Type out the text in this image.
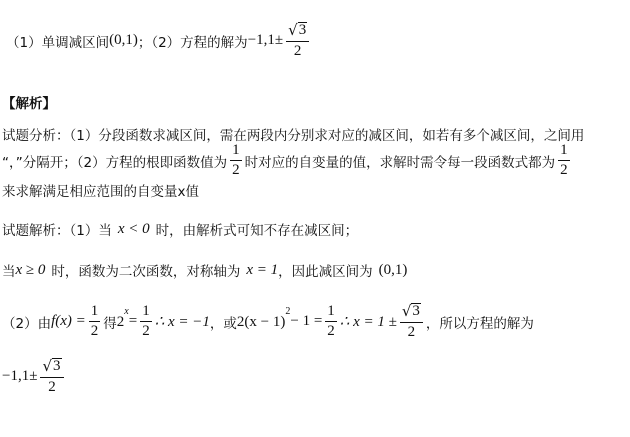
（1）单调减区间 (0,1) ；（2）方程的解为 $-1,1\pm \frac{√ 3}{2}$
【解析】
试题分析：（1）分段函数求减区间，需在两段内分别求对应的减区间，如若有多个减区间，之间用
“，”分隔开；（2）方程的根即函数值为 $\frac{1}{2}$ 时对应的自变量的值，求解时需令每一段函数式都为 $\frac{1}{2}$
来求解满足相应范围的自变量x值
试题解析：（1）当 x < 0 时，由解析式可知不存在减区间；
当 x ≥ 0 时，函数为二次函数，对称轴为 x = 1 ，因此减区间为 (0,1)
（2）由 $f(x) = \frac{1}{2}$ 得 $2^x$
= $\frac{1}{2}$ ∴ x = −1 ，或 $2(x - 1)^2$
− $1 = \frac{1}{2}$ ∴ $x = 1 \pm \frac{√ 3}{2}$ ，所以方程的解为
$-1,1\pm \frac{√ 3}{2}$
